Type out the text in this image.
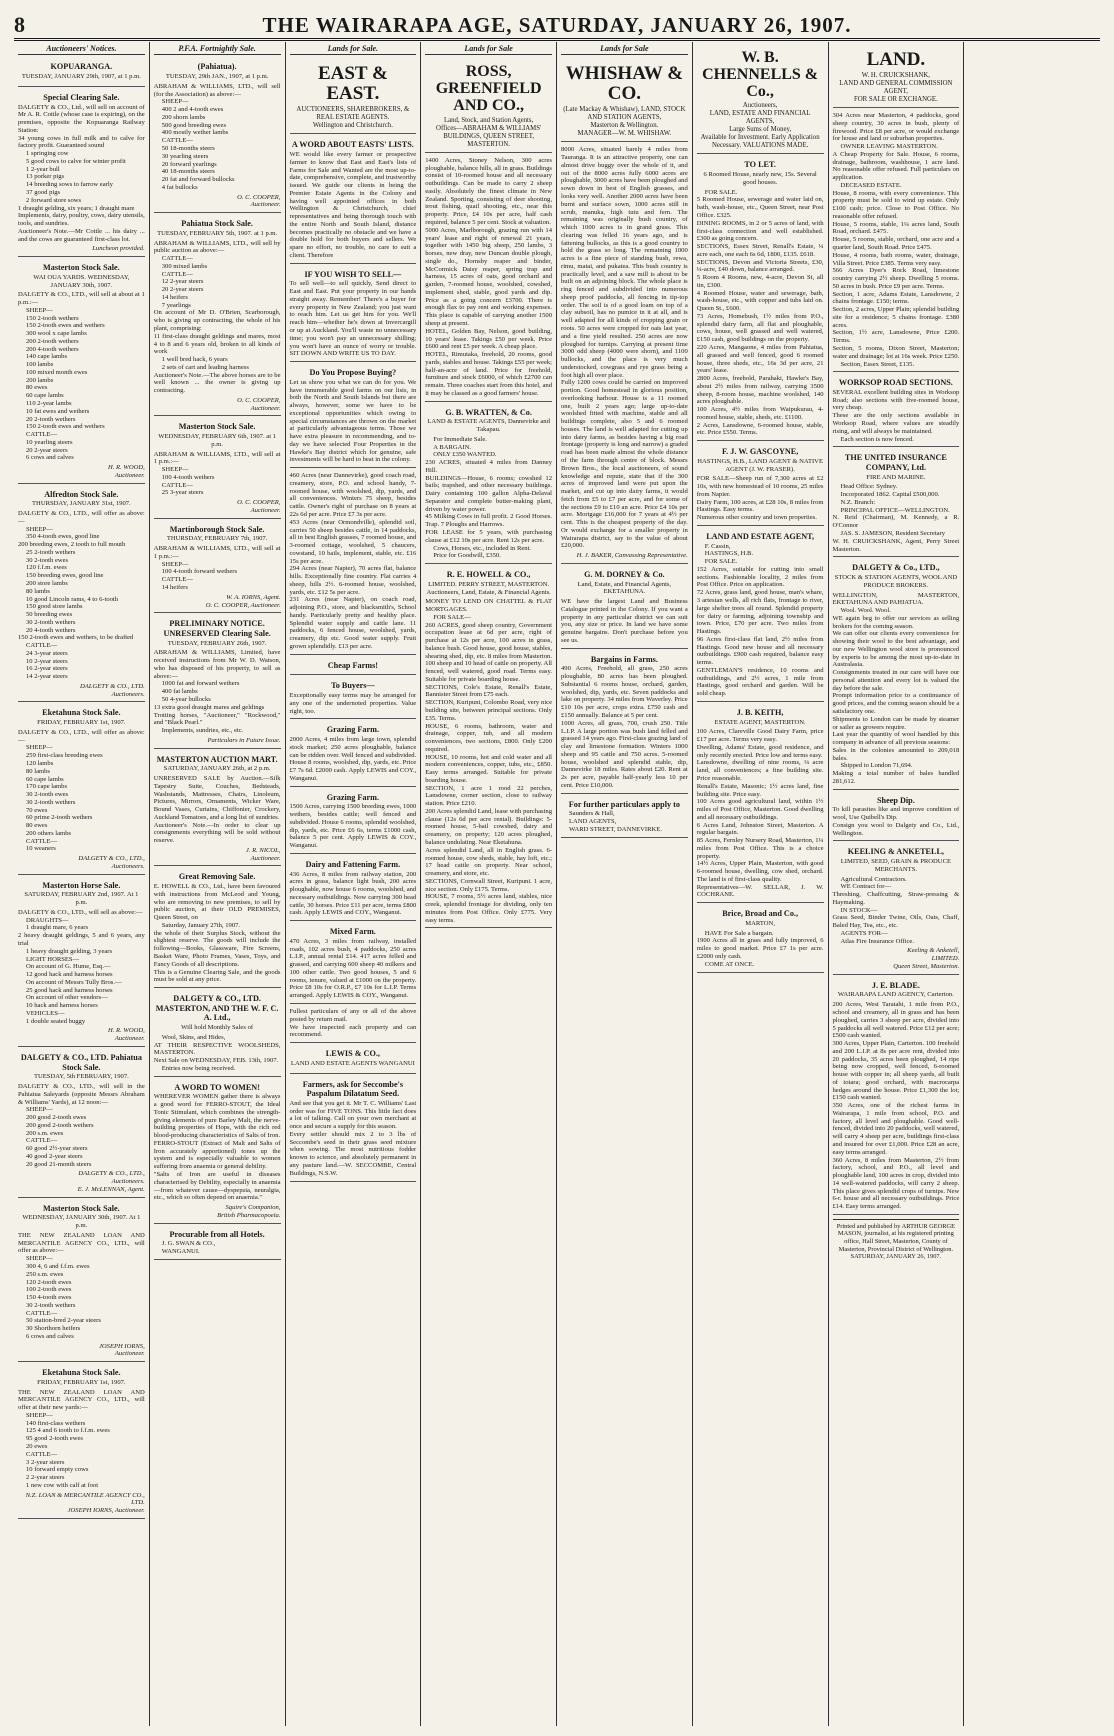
8	THE WAIRARAPA AGE, SATURDAY, JANUARY 26, 1907.
Auctioneers' Notices.
KOPUARANGA.
TUESDAY, JANUARY 29th, 1907, at 1 p.m.
Special Clearing Sale.
DALGETY & CO., Ltd., will sell on account of Mr A. R. Cottle (whose case is expiring), on the premises, opposite the Kopuaranga Railway Station:
34 young cows in full milk and to calve for factory profit. Guaranteed sound
1 springing cow
5 good cows to calve for winter profit
1 2-year bull
13 porker pigs
14 breeding sows to farrow early
37 good pigs
2 forward store sows
1 draught gelding, six years; 1 draught mare
Implements, dairy, poultry, cows, dairy utensils, tools, and sundries.
Auctioneer's Note.—Mr Cottle ... his dairy ... and the cows are guaranteed first-class lot.
Luncheon provided.
Masterton Stock Sale.
WAI OUA YARDS. WEDNESDAY, JANUARY 30th, 1907.
DALGETY & CO., LTD., will sell at about at 1 p.m.:—
SHEEP—
150 2-tooth wethers
150 2-tooth ewes and wethers
300 wool x cape lambs
200 2-tooth wethers
200 4-tooth wethers
140 cape lambs
100 lambs
100 mixed month ewes
200 lambs
80 ewes
60 cape lambs
110 2-year lambs
10 fat ewes and wethers
20 2-tooth wethers
150 2-tooth ewes and wethers
CATTLE—
10 yearling steers
20 2-year steers
6 cows and calves
H. R. WOOD,
Auctioneer.
Alfredton Stock Sale.
THURSDAY, JANUARY 31st, 1907.
DALGETY & CO., LTD., will offer as above:—
SHEEP—
350 4-tooth ewes, good line
200 breeding ewes, 2 tooth to full mouth
25 2-tooth wethers
30 2-tooth ewes
120 f.f.m. ewes
150 breeding ewes, good line
200 store lambs
80 lambs
10 good Lincoln rams, 4 to 6-tooth
150 good store lambs
50 breeding ewes
30 2-tooth wethers
20 4-tooth wethers
150 2-tooth ewes and wethers, to be drafted
CATTLE—
24 3-year steers
10 2-year steers
16 2-year steers
14 2-year steers
DALGETY & CO., LTD.
Auctioneers.
Eketahuna Stock Sale.
FRIDAY, FEBRUARY 1st, 1907.
DALGETY & CO., LTD., will offer as above:—
SHEEP—
259 first-class breeding ewes
120 lambs
80 lambs
60 cape lambs
170 cape lambs
30 2-tooth ewes
30 2-tooth wethers
70 ewes
60 prime 2-tooth wethers
80 ewes
200 others lambs
CATTLE—
10 weaners
DALGETY & CO., LTD.,
Auctioneers.
Masterton Horse Sale.
SATURDAY, FEBRUARY 2nd, 1907. At 1 p.m.
DALGETY & CO., LTD., will sell as above:—
DRAUGHTS—
1 draught mare, 6 years
2 heavy draught geldings, 5 and 6 years, any trial
1 heavy draught gelding, 3 years
LIGHT HORSES—
On account of G. Hume, Esq.—
12 good hack and harness horses
On account of Messrs Tully Bros.—
25 good hack and harness horses
On account of other vendors—
10 hack and harness horses
VEHICLES—
1 double seated buggy
H. R. WOOD,
Auctioneer.
DALGETY & CO., LTD. Pahiatua Stock Sale.
TUESDAY, 5th FEBRUARY, 1907.
DALGETY & CO., LTD., will sell in the Pahiatua Saleyards (opposite Messrs Abraham & Williams' Yards), at 12 noon:—
SHEEP—
200 good 2-tooth ewes
200 good 2-tooth wethers
200 s.m. ewes
CATTLE—
60 good 2½-year steers
40 good 2-year steers
20 good 21-month steers
DALGETY & CO., LTD.,
Auctioneers.
E. J. McLENNAN, Agent.
Masterton Stock Sale.
WEDNESDAY, JANUARY 30th, 1907. At 1 p.m.
THE NEW ZEALAND LOAN AND MERCANTILE AGENCY CO., LTD., will offer as above:—
SHEEP—
300 4, 6 and f.f.m. ewes
250 s.m. ewes
120 2-tooth ewes
100 2-tooth ewes
150 4-tooth ewes
30 2-tooth wethers
CATTLE—
50 station-bred 2-year steers
30 Shorthorn heifers
6 cows and calves
JOSEPH IORNS,
Auctioneer.
Eketahuna Stock Sale.
FRIDAY, FEBRUARY 1st, 1907.
THE NEW ZEALAND LOAN AND MERCANTILE AGENCY CO., LTD., will offer at their new yards:—
SHEEP—
140 first-class wethers
125 4 and 6 tooth to f.f.m. ewes
95 good 2-tooth ewes
20 ewes
CATTLE—
3 2-year steers
10 forward empty cows
2 2-year steers
1 new cow with calf at foot
N.Z. LOAN & MERCANTILE AGENCY CO., LTD.
JOSEPH IORNS, Auctioneer.
P.F.A. Fortnightly Sale.
(Pahiatua).
TUESDAY, 29th JAN., 1907, at 1 p.m.
ABRAHAM & WILLIAMS, LTD., will sell (for the Association) as above:—
SHEEP—
400 2 and 4-tooth ewes
200 shorn lambs
500 good breeding ewes
400 mostly wether lambs
CATTLE—
50 18-months steers
30 yearling steers
20 forward yearlings
40 18-months steers
20 fat and forward bullocks
4 fat bullocks
O. C. COOPER,
Auctioneer.
Pahiatua Stock Sale.
TUESDAY, FEBRUARY 5th, 1907. at 1 p.m.
ABRAHAM & WILLIAMS, LTD., will sell by public auction as above:—
CATTLE—
300 mixed lambs
CATTLE—
12 2-year steers
20 2-year steers
14 heifers
7 yearlings
On account of Mr D. O'Brien, Scarborough, who is giving up contracting, the whole of his plant, comprising:
11 first-class draught geldings and mares, most 4 to 8 and 6 years old, broken to all kinds of work
1 well bred hack, 6 years
2 sets of cart and leading harness
Auctioneer's Note.—The above horses are to be well known ... the owner is giving up contracting.
O. C. COOPER,
Auctioneer.
Masterton Stock Sale.
WEDNESDAY, FEBRUARY 6th, 1907. at 1 p.m.
ABRAHAM & WILLIAMS, LTD., will sell at 1 p.m.:—
SHEEP—
100 4-tooth wethers
CATTLE—
25 3-year steers
O. C. COOPER,
Auctioneer.
Martinborough Stock Sale.
THURSDAY, FEBRUARY 7th, 1907.
ABRAHAM & WILLIAMS, LTD., will sell at 1 p.m.:—
SHEEP—
100 4-tooth forward wethers
CATTLE—
14 heifers
W. A. IORNS, Agent.
O. C. COOPER, Auctioneer.
PRELIMINARY NOTICE. UNRESERVED Clearing Sale.
TUESDAY, FEBRUARY 26th, 1907.
ABRAHAM & WILLIAMS, Limited, have received instructions from Mr W. D. Watson, who has disposed of his property, to sell as above:—
1000 fat and forward wethers
400 fat lambs
50 4-year bullocks
13 extra good draught mares and geldings
Trotting horses, "Auctioneer," "Rockwood," and "Black Pearl."
Implements, sundries, etc., etc.
Particulars in Future Issue.
MASTERTON AUCTION MART.
SATURDAY, JANUARY 26th, at 2 p.m.
UNRESERVED SALE by Auction.—Silk Tapestry Suite, Couches, Bedsteads, Washstands, Mattresses, Chairs, Linoleum, Pictures, Mirrors, Ornaments, Wicker Ware, Bound Vases, Curtains, Chiffonier, Crockery, Auckland Tomatoes, and a long list of sundries.
Auctioneer's Note.—In order to clear up consignments everything will be sold without reserve.
J. R. NICOL,
Auctioneer.
Great Removing Sale.
E. HOWELL & CO., Ltd., have been favoured with instructions from McLeod and Young, who are removing to new premises, to sell by public auction, at their OLD PREMISES, Queen Street, on
Saturday, January 27th, 1907.
the whole of their Surplus Stock, without the slightest reserve. The goods will include the following—Books, Glassware, Fire Screens, Basket Ware, Photo Frames, Vases, Toys, and Fancy Goods of all descriptions.
This is a Genuine Clearing Sale, and the goods must be sold at any price.
DALGETY & CO., LTD. MASTERTON, AND THE W. F. C. A. Ltd.,
Will hold Monthly Sales of
Wool, Skins, and Hides,
AT THEIR RESPECTIVE WOOLSHEDS, MASTERTON.
Next Sale on WEDNESDAY, FEB. 13th, 1907.
Entries now being received.
A WORD TO WOMEN!
WHEREVER WOMEN gather there is always a good word for FERRO-STOUT, the Ideal Tonic Stimulant, which combines the strength-giving elements of pure Barley Malt, the nerve-building properties of Hops, with the rich red blood-producing characteristics of Salts of Iron.
FERRO-STOUT (Extract of Malt and Salts of Iron accurately apportioned) tones up the system and is especially valuable to women suffering from anaemia or general debility.
"Salts of Iron are useful in diseases characterised by Debility, especially in anaemia—from whatever cause—dyspepsia, neuralgia, etc., which so often depend on anaemia."
Squire's Companion,
British Pharmacopoeia.
Procurable from all Hotels.
J. G. SWAN & CO.,
WANGANUI.
Lands for Sale.
EAST & EAST.
AUCTIONEERS, SHAREBROKERS, & REAL ESTATE AGENTS.
Wellington and Christchurch.
A WORD ABOUT EASTS' LISTS.
WE would like every farmer or prospective farmer to know that East and East's lists of Farms for Sale and Wanted are the most up-to-date, comprehensive, complete, and trustworthy issued. We guide our clients in being the Premier Estate Agents in the Colony and having well appointed offices in both Wellington & Christchurch, chief representatives and being thorough touch with the entire North and South Island, distance becomes practically no obstacle and we have a double hold for both buyers and sellers. We spare no effort, no trouble, no care to suit a client. Therefore
IF YOU WISH TO SELL—
To sell well—to sell quickly, Send direct to East and East. Put your property in our hands straight away. Remember! There's a buyer for every property in New Zealand; you just want to reach him. Let us get him for you. We'll reach him—whether he's down at Invercargill or up at Auckland. You'll waste no unnecessary time; you won't pay an unnecessary shilling; you won't have an ounce of worry or trouble. SIT DOWN AND WRITE US TO DAY.
Do You Propose Buying?
Let us show you what we can do for you. We have innumerable good farms on our lists, in both the North and South Islands but there are always, however, some we have to be exceptional opportunities which owing to special circumstances are thrown on the market at particularly advantageous terms. Those we have extra pleasure in recommending, and to-day we have selected Four Properties in the Hawke's Bay district which for genuine, safe investments will be hard to beat in the colony.
460 Acres (near Dannevirke), good coach road, creamery, store, P.O. and school handy, 7-roomed house, with woolshed, dip, yards, and all conveniences. Winters 75 sheep, besides cattle. Owner's right of purchase on 8 years at 22s 6d per acre. Price £7 3s per acre.
453 Acres (near Ormondville), splendid soil, carries 50 sheep besides cattle, in 14 paddocks, all in best English grasses, 7 roomed house, and 3-roomed cottage, woolshed, 5 chaucers, cowstand, 10 bails, implement, stable, etc. £16 15s per acre.
294 Acres (near Napier), 70 acres flat, balance hills. Exceptionally fine country. Flat carries 4 sheep, hills 2½. 6-roomed house, woolshed, yards, etc. £12 5s per acre.
231 Acres (near Napier), on coach road, adjoining P.O., store, and blacksmith's, School handy. Particularly pretty and healthy place. Splendid water supply and cattle lane. 11 paddocks, 6 fenced house, woolshed, yards, creamery, dip etc. Good water supply. Fruit grown splendidly. £13 per acre.
Cheap Farms!
To Buyers—
Exceptionally easy terms may be arranged for any one of the undernoted properties. Value right, too.
Grazing Farm.
2000 Acres, 4 miles from large town, splendid stock market; 250 acres ploughable, balance can be ridden over. Well fenced and subdivided. House 8 rooms, woolshed, dip, yards, etc. Price £7 7s 6d. £2000 cash. Apply LEWIS and COY., Wanganui.
Grazing Farm.
1500 Acres, carrying 1500 breeding ewes, 1000 wethers, besides cattle; well fenced and subdivided. House 6 rooms, splendid woolshed, dip, yards, etc. Price £6 6s, terms £1000 cash, balance 5 per cent. Apply LEWIS & COY., Wanganui.
Dairy and Fattening Farm.
436 Acres, 8 miles from railway station, 200 acres in grass, balance light bush, 200 acres ploughable, now house 6 rooms, woolshed, and necessary outbuildings. Now carrying 300 head cattle, 30 horses. Price £11 per acre, terms £800 cash. Apply LEWIS and COY., Wanganui.
Mixed Farm.
470 Acres, 3 miles from railway, installed roads, 102 acres bush, 4 paddocks, 250 acres L.I.P., annual rental £14. 417 acres felled and grassed, and carrying 600 sheep 40 milkers and 100 other cattle. Two good houses, 5 and 6 rooms, tenure, valued at £1000 on the property. Price £8 10s for O.R.P., £7 10s for L.I.P. Terms arranged. Apply LEWIS & COY., Wanganui.
Fullest particulars of any or all of the above posted by return mail.
We have inspected each property and can recommend.
LEWIS & CO.,
LAND AND ESTATE AGENTS WANGANUI
Farmers, ask for Seccombe's Paspalum Dilatatum Seed.
And see that you get it. Mr T. C. Williams' Last order was for FIVE TONS. This little fact does a lot of talking. Call on your own merchant at once and secure a supply for this season.
Every settler should mix 2 to 3 lbs of Seccombe's seed in their grass seed mixture when sowing. The most nutritious fodder known to science, and absolutely permanent in any pasture land.—W. SECCOMBE, Central Buildings, N.S.W.
Lands for Sale
ROSS, GREENFIELD AND CO.,
Land, Stock, and Station Agents,
Offices—ABRAHAM & WILLIAMS' BUILDINGS, QUEEN STREET, MASTERTON.
1400 Acres, Stoney Nelson, 300 acres ploughable, balance hills, all in grass. Buildings consist of 10-roomed house and all necessary outbuildings. Can be made to carry 2 sheep easily. Absolutely the finest climate in New Zealand. Sporting, consisting of deer shooting, trout fishing, quail shooting, etc., near this property. Price, £4 10s per acre, half cash required, balance 5 per cent. Stock at valuation.
5000 Acres, Marlborough, grazing run with 14 years' lease and right of renewal 21 years, together with 1450 big sheep, 250 lambs, 3 horses, new dray, new Duncan double plough, single do., Hornsby reaper and binder, McCormick Daisy reaper, spring trap and harness, 15 acres of oats, good orchard and garden, 7-roomed house, woolshed, cowshed, implement shed, stable, good yards and dip. Price as a going concern £3700. There is enough flax to pay rent and working expenses. This place is capable of carrying another 1500 sheep at present.
HOTEL, Golden Bay, Nelson, good building, 10 years' lease. Takings £50 per week. Price £600 and rent £5 per week. A cheap place.
HOTEL, Rimutaka, freehold, 20 rooms, good yards, stables and house. Takings £55 per week; half-an-acre of land. Price for freehold, furniture and stock £6000, of which £2700 can remain. Three coaches start from this hotel, and it may be classed as a good farmers' house.
G. B. WRATTEN, & Co.
LAND & ESTATE AGENTS, Dannevirke and Takapau.
For Immediate Sale.
A BARGAIN.
ONLY £350 WANTED.
230 ACRES, situated 4 miles from Danney Hill.
BUILDINGS—House, 6 rooms; cowshed 12 bails; trapshed, and other necessary buildings. Dairy containing 100 gallon Alpha-Delaval Separator and complete butter-making plant, driven by water power.
45 Milking Cows in full profit. 2 Good Horses. Trap. 7 Ploughs and Harrows.
FOR LEASE for 5 years, with purchasing clause at £12 10s per acre. Rent 12s per acre.
Cows, Horses, etc., included in Rent.
Price for Goodwill, £350.
R. E. HOWELL & CO.,
LIMITED. PERRY STREET, MASTERTON. Auctioneers, Land, Estate, & Financial Agents.
MONEY TO LEND ON CHATTEL & FLAT MORTGAGES.
FOR SALE—
260 ACRES, good sheep country, Government occupation lease at 6d per acre, right of purchase at 12s per acre, 100 acres in grass, balance bush. Good house, good house, stables, shearing shed, dip, etc. 8 miles from Masterton. 100 sheep and 10 head of cattle on property. All fenced, well watered, good road. Terms easy. Suitable for private boarding house.
SECTIONS, Cole's Estate, Renall's Estate, Bannister Street from £75 each.
SECTION, Kuripuni, Colombo Road, very nice building site, between principal sections. Only £35. Terms.
HOUSE, 6 rooms, bathroom, water and drainage, copper, tub, and all modern conveniences, two sections, £800. Only £200 required.
HOUSE, 10 rooms, hot and cold water and all modern conveniences, copper, tubs, etc., £850. Easy terms arranged. Suitable for private boarding house.
SECTION, 1 acre 1 rood 22 perches, Lansdowne, corner section, close to railway station. Price £210.
200 Acres splendid Land, lease with purchasing clause (12s 6d per acre rental). Buildings: 5-roomed house, 5-bail cowshed, dairy and creamery, on property; 120 acres ploughed, balance undulating. Near Eketahuna.
Acres splendid Land, all in English grass. 6-roomed house, cow sheds, stable, hay loft, etc.; 17 head cattle on property. Near school, creamery, and store, etc.
SECTIONS, Cornwall Street, Kuripuni. 1 acre, nice section. Only £175. Terms.
HOUSE, 7 rooms, 5½ acres land, stables, nice creek, splendid frontage for dividing, only ten minutes from Post Office. Only £775. Very easy terms.
Lands for Sale
WHISHAW & CO.
(Late Mackay & Whishaw), LAND, STOCK AND STATION AGENTS,
Masterton & Wellington.
MANAGER—W. M. WHISHAW.
8000 Acres, situated barely 4 miles from Tauranga. It is an attractive property, one can almost drive buggy over the whole of it, and out of the 8000 acres fully 6000 acres are ploughable, 3000 acres have been ploughed and sown down in best of English grasses, and looks very well. Another 2000 acres have been burnt and surface sown, 1000 acres still in scrub, manuka, high tutu and fern. The remaining was originally bush country, of which 1000 acres is in grand grass. This clearing was felled 16 years ago, and is fattening bullocks, as this is a good country to hold the grass so long. The remaining 1000 acres is a fine piece of standing bush, rewa, rimu, matai, and pukatea. This bush country is practically level, and a saw mill is about to be built on an adjoining block. The whole place is ring fenced and subdivided into numerous sheep proof paddocks, all fencing in tip-top order. The soil is of a good loam on top of a clay subsoil, has no pumice in it at all, and is well adapted for all kinds of cropping grain or roots. 50 acres were cropped for oats last year, and a fine yield resulted. 250 acres are now ploughed for turnips. Carrying at present time 3000 odd sheep (4000 were shorn), and 1100 bullocks, and the place is very much understocked, cowgrass and rye grass being a foot high all over place.
Fully 1200 cows could be carried on improved portion. Good homestead in glorious position, overlooking harbour. House is a 11 roomed one, built 2 years ago; large up-to-date woolshed fitted with machine, stable and all buildings complete, also 5 and 6 roomed houses. The land is well adapted for cutting up into dairy farms, as besides having a big road frontage (property is long and narrow) a graded road has been made almost the whole distance of the farm through centre of block. Messrs Brown Bros., the local auctioneers, of sound knowledge and repute, state that if the 300 acres of improved land were put upon the market, and cut up into dairy farms, it would fetch from £5 to £7 per acre, and for some of the sections £9 to £10 an acre. Price £4 10s per acre. Mortgage £16,000 for 7 years at 4½ per cent. This is the cheapest property of the day. Or would exchange for a smaller property in Wairarapa district, say to the value of about £20,000.
H. J. BAKER, Canvassing Representative.
G. M. DORNEY & Co.
Land, Estate, and Financial Agents, EKETAHUNA.
WE have the largest Land and Business Catalogue printed in the Colony. If you want a property in any particular district we can suit you, any size or price. In land we have some genuine bargains. Don't purchase before you see us.
Bargains in Farms.
490 Acres, Freehold, all grass, 250 acres ploughable, 80 acres has been ploughed. Substantial 6 rooms house, orchard, garden, woolshed, dip, yards, etc. Seven paddocks and lake on property. 34 miles from Waverley. Price £10 10s per acre, crops extra. £750 cash and £150 annually. Balance at 5 per cent.
1000 Acres, all grass, 700, crush 250. Title L.I.P. A large portion was bush land felled and grassed 14 years ago. First-class grazing land of clay and limestone formation. Winters 1000 sheep and 95 cattle and 750 acres. 5-roomed house, woolshed and splendid stable, dip, Dannevirke 18 miles. Rates about £20. Rent at 2s per acre, payable half-yearly less 10 per cent. Price £10,000.
For further particulars apply to
Saunders & Hall,
LAND AGENTS,
WARD STREET, DANNEVIRKE.
W. B. CHENNELLS & Co.,
Auctioneers,
LAND, ESTATE AND FINANCIAL AGENTS,
Large Sums of Money,
Available for Investment. Early Application Necessary. VALUATIONS MADE.
TO LET.
6 Roomed House, nearly new, 15s. Several good houses.
FOR SALE.
5 Roomed House, sewerage and water laid on, bath, wash-house, etc., Queen Street, near Post Office. £325.
DINING ROOMS, in 2 or 5 acres of land, with first-class connection and well established. £300 as going concern.
SECTIONS, Essex Street, Renall's Estate, ¼ acre each, one each 6s 6d, 1800, £135. £618.
SECTIONS, Devon and Victoria Streets, £30, ¼-acre, £40 down, balance arranged.
5 Room 4 Rooms, new, 4-acre, Devon St, all tin, £300.
4 Roomed House, water and sewerage, bath, wash-house, etc., with copper and tubs laid on. Queen St., £600.
73 Acres, Homebush, 1½ miles from P.O., splendid dairy farm, all flat and ploughable, cows, house, well grassed and well watered, £150 cash, good buildings on the property.
220 Acres, Mangaone, 4 miles from Pahiatua, all grassed and well fenced, good 6 roomed house, three sheds, etc., 16s 3d per acre, 21 years' lease.
2800 Acres, freehold, Parahaki, Hawke's Bay, about 2½ miles from railway, carrying 3500 sheep, 8-room house, machine woolshed, 140 acres ploughable.
100 Acres, 4½ miles from Waipukurau, 4-roomed house, stable, sheds, etc. £1100.
2 Acres, Lansdowne, 6-roomed house, stable, etc. Price £550. Terms.
F. J. W. GASCOYNE,
HASTINGS, H.B., LAND AGENT & NATIVE AGENT (J. W. FRASER).
FOR SALE—Sheep run of 7,300 acres at £2 10s, with new homestead of 10 rooms, 25 miles from Napier.
Dairy Farm, 100 acres, at £28 10s, 8 miles from Hastings. Easy terms.
Numerous other country and town properties.
LAND AND ESTATE AGENT,
F. Cassin,
HASTINGS, H.B.
FOR SALE.
152 Acres, suitable for cutting into small sections. Fashionable locality, 2 miles from Post Office. Price on application.
72 Acres, grass land, good house, man's whare, 3 artesian wells, all rich flats, frontage to river, large shelter trees all round. Splendid property for dairy or farming, adjoining township and town. Price, £70 per acre. Two miles from Hastings.
96 Acres first-class flat land, 2½ miles from Hastings. Good new house and all necessary outbuildings. £900 cash required, balance easy terms.
GENTLEMAN'S residence, 10 rooms and outbuildings, and 2½ acres, 1 mile from Hastings, good orchard and garden. Will be sold cheap.
J. B. KEITH,
ESTATE AGENT, MASTERTON.
100 Acres, Clareville Good Dairy Farm, price £17 per acre. Terms very easy.
Dwelling, Adams' Estate, good residence, and only recently erected. Price low and terms easy.
Lansdowne, dwelling of nine rooms, ¼ acre land, all conveniences; a fine building site. Price reasonable.
Renall's Estate, Masonic; 1½ acres land, fine building site. Price easy.
100 Acres good agricultural land, within 1½ miles of Post Office, Masterton. Good dwelling and all necessary outbuildings.
6 Acres Land, Johnston Street, Masterton. A regular bargain.
85 Acres, Fernley Nursery Road, Masterton, 1¼ miles from Post Office. This is a choice property.
14½ Acres, Upper Plain, Masterton, with good 6-roomed house, dwelling, cow shed, orchard. The land is of first-class quality.
Representatives—W. SELLAR, J. W. COCHRANE.
Brice, Broad and Co.,
MARTON,
HAVE For Sale a bargain.
1900 Acres all in grass and fully improved, 6 miles to good market. Price £7 1s per acre. £2000 only cash.
COME AT ONCE.
LAND.
W. H. CRUICKSHANK,
LAND AND GENERAL COMMISSION AGENT,
FOR SALE OR EXCHANGE.
304 Acres near Masterton, 4 paddocks, good sheep country, 30 acres in bush, plenty of firewood. Price £8 per acre, or would exchange for house and land or suburban properties.
OWNER LEAVING MASTERTON.
A Cheap Property for Sale. House, 6 rooms, drainage, bathroom, washhouse, 1 acre land. No reasonable offer refused. Full particulars on application.
DECEASED ESTATE.
House, 8 rooms, with every convenience. This property must be sold to wind up estate. Only £100 cash; price. Close to Post Office. No reasonable offer refused.
House, 5 rooms, stable, 1¼ acres land, South Road, orchard. £475.
House, 5 rooms, stable, orchard, one acre and a quarter land, South Road. Price £475.
House, 4 rooms, bath rooms, water, drainage, Villa Street. Price £385. Terms very easy.
566 Acres Dyer's Rock Road, limestone country carrying 2½ sheep. Dwelling 5 rooms. 50 acres in bush. Price £9 per acre. Terms.
Section, 1 acre, Adams Estate, Lansdowne, 2 chains frontage. £150; terms.
Section, 2 acres, Upper Plain; splendid building site for a residence; 5 chains frontage. £380 acres.
Section, 1½ acre, Lansdowne, Price £200. Terms.
Section, 5 rooms, Dixon Street, Masterton; water and drainage; lot at 16s week. Price £250.
Section, Essex Street, £135.
WORKSOP ROAD SECTIONS.
SEVERAL excellent building sites in Worksop Road; also sections with five-roomed house, very cheap.
These are the only sections available in Worksop Road, where values are steadily rising, and will always be maintained.
Each section is now fenced.
THE UNITED INSURANCE COMPANY, Ltd.
FIRE AND MARINE.
Head Office: Sydney.
Incorporated 1862. Capital £500,000.
N.Z. Branch:
PRINCIPAL OFFICE—WELLINGTON.
N. Reid (Chairman), M. Kennedy, a R. O'Connor
JAS. S. JAMESON, Resident Secretary
W. H. CRUICKSHANK, Agent, Perry Street Masterton.
DALGETY & Co., LTD.,
STOCK & STATION AGENTS, WOOL AND PRODUCE BROKERS.
WELLINGTON, MASTERTON, EKETAHUNA AND PAHIATUA.
Wool. Wool. Wool.
WE again beg to offer our services as selling brokers for the coming season.
We can offer our clients every convenience for showing their wool to the best advantage, and our new Wellington wool store is pronounced by experts to be among the most up-to-date in Australasia.
Consignments treated in our care will have our personal attention and every lot is valued the day before the sale.
Prompt information price to a continuance of good prices, and the coming season should be a satisfactory one.
Shipments to London can be made by steamer or sailer as growers require.
Last year the quantity of wool handled by this company in advance of all previous seasons:
Sales in the colonies amounted to 209,018 bales.
Shipped to London 71,694.
Making a total number of bales handled 281,612.
Sheep Dip.
To kill parasites like and improve condition of wool, Use Quibell's Dip.
Consign you wool to Dalgety and Co., Ltd., Wellington.
KEELING & ANKETELL,
LIMITED, SEED, GRAIN & PRODUCE MERCHANTS.
Agricultural Contractors.
WE Contract for—
Threshing, Chaffcutting, Straw-pressing & Haymaking.
IN STOCK—
Grass Seed, Binder Twine, Oils, Oats, Chaff, Baled Hay, Tea, etc., etc.
AGENTS FOR—
Atlas Fire Insurance Office.
Keeling & Anketell,
LIMITED.
Queen Street, Masterton.
J. E. BLADE.
WAIRARAPA LAND AGENCY, Carterton.
200 Acres, West Taratahi, 1 mile from P.O., school and creamery, all in grass and has been ploughed, carries 3 sheep per acre, divided into 5 paddocks all well watered. Price £12 per acre; £500 cash wanted.
300 Acres, Upper Plain, Carterton. 100 freehold and 200 L.I.P. at 8s per acre rent, divided into 20 paddocks, 35 acres been ploughed, 14 ripe being now cropped, well fenced, 6-roomed house with copper in; all sheep yards, all built of totara; good orchard, with macrocarpa hedges around the house. Price £1,300 the lot; £150 cash wanted.
350 Acres, one of the richest farms in Wairarapa, 1 mile from school, P.O. and factory, all level and ploughable. Good well-fenced, divided into 20 paddocks, well watered, will carry 4 sheep per acre, buildings first-class and insured for over £1,000. Price £28 an acre, easy terms arranged.
360 Acres, 8 miles from Masterton, 2½ from factory, school, and P.O., all level and ploughable land, 100 acres in crop, divided into 14 well-watered paddocks, will carry 2 sheep. This place gives splendid crops of turnips. New 6-r. house and all necessary outbuildings. Price £14. Easy terms arranged.
Printed and published by ARTHUR GEORGE MASON, journalist, at his registered printing office, Hall Street, Masterton, County of Masterton, Provincial District of Wellington. SATURDAY, JANUARY 26, 1907.
